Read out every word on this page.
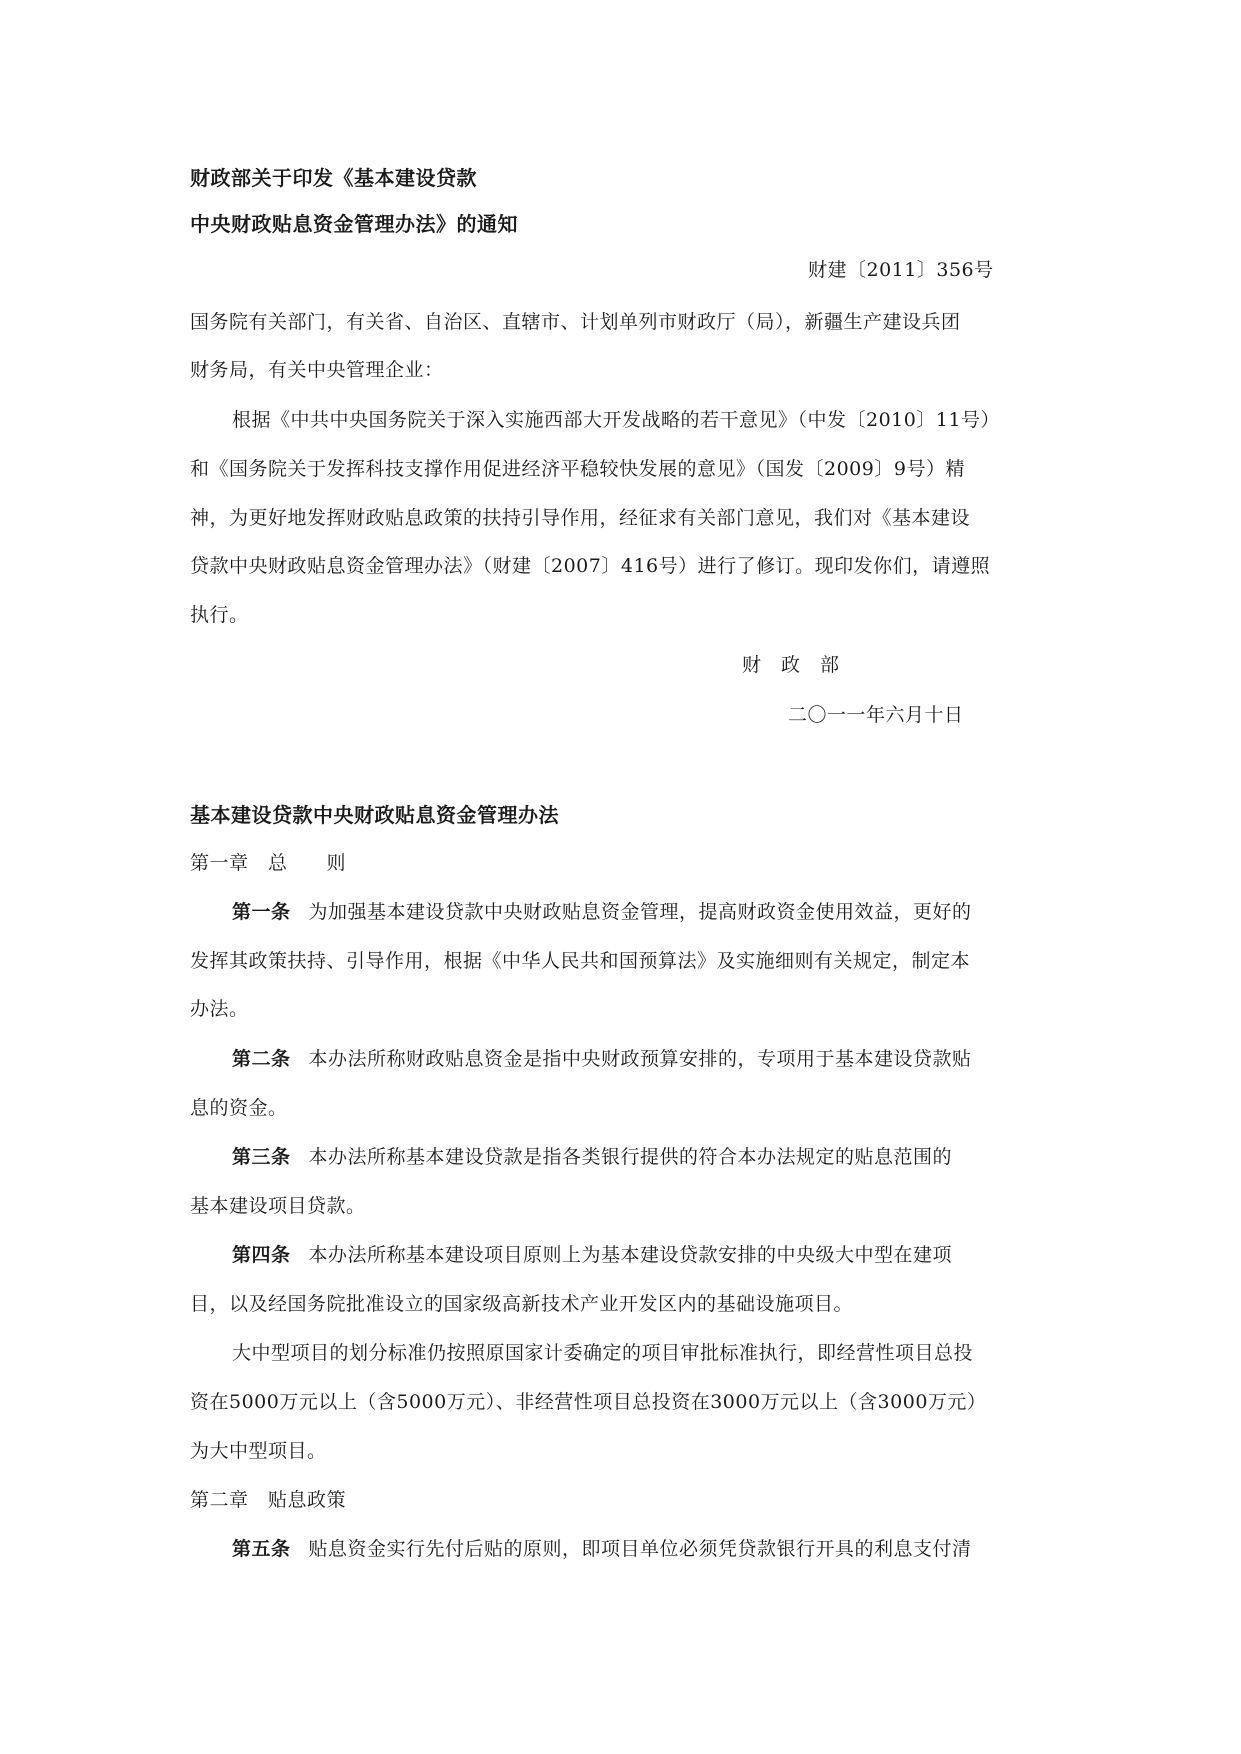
财政部关于印发《基本建设贷款
中央财政贴息资金管理办法》的通知
财建〔2011〕356号
国务院有关部门，有关省、自治区、直辖市、计划单列市财政厅（局），新疆生产建设兵团
财务局，有关中央管理企业：
根据《中共中央国务院关于深入实施西部大开发战略的若干意见》（中发〔2010〕11号）
和《国务院关于发挥科技支撑作用促进经济平稳较快发展的意见》（国发〔2009〕9号）精
神，为更好地发挥财政贴息政策的扶持引导作用，经征求有关部门意见，我们对《基本建设
贷款中央财政贴息资金管理办法》（财建〔2007〕416号）进行了修订。现印发你们，请遵照
执行。
财　政　部
二〇一一年六月十日
基本建设贷款中央财政贴息资金管理办法
第一章　总　　则
第一条 为加强基本建设贷款中央财政贴息资金管理，提高财政资金使用效益，更好的
发挥其政策扶持、引导作用，根据《中华人民共和国预算法》及实施细则有关规定，制定本
办法。
第二条 本办法所称财政贴息资金是指中央财政预算安排的，专项用于基本建设贷款贴
息的资金。
第三条 本办法所称基本建设贷款是指各类银行提供的符合本办法规定的贴息范围的
基本建设项目贷款。
第四条 本办法所称基本建设项目原则上为基本建设贷款安排的中央级大中型在建项
目，以及经国务院批准设立的国家级高新技术产业开发区内的基础设施项目。
大中型项目的划分标准仍按照原国家计委确定的项目审批标准执行，即经营性项目总投
资在5000万元以上（含5000万元）、非经营性项目总投资在3000万元以上（含3000万元）
为大中型项目。
第二章　贴息政策
第五条 贴息资金实行先付后贴的原则，即项目单位必须凭贷款银行开具的利息支付清
